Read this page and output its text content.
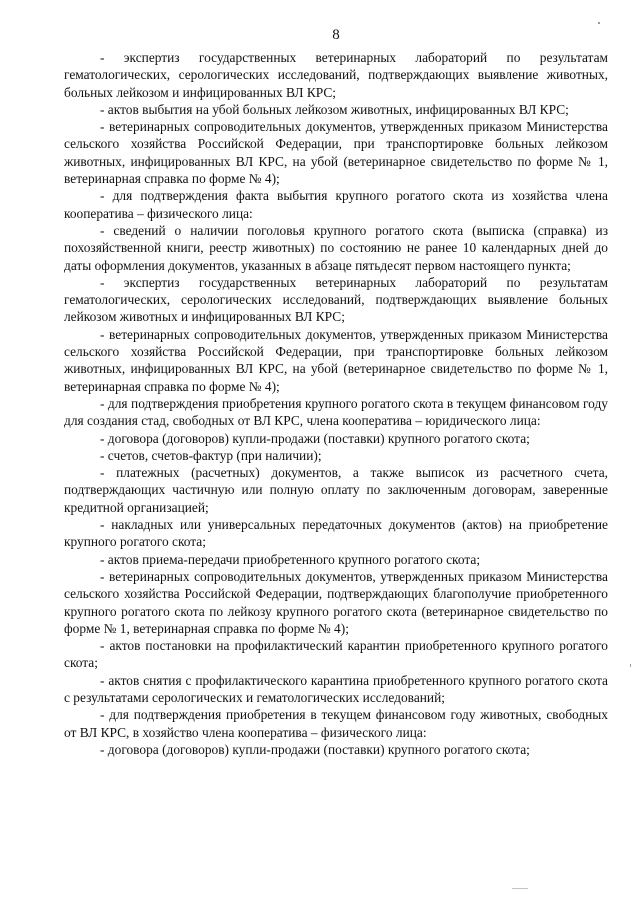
8

- экспертиз государственных ветеринарных лабораторий по результатам гематологических, серологических исследований, подтверждающих выявление животных, больных лейкозом и инфицированных ВЛ КРС;

- актов выбытия на убой больных лейкозом животных, инфицированных ВЛ КРС;

- ветеринарных сопроводительных документов, утвержденных приказом Министерства сельского хозяйства Российской Федерации, при транспортировке больных лейкозом животных, инфицированных ВЛ КРС, на убой (ветеринарное свидетельство по форме № 1, ветеринарная справка по форме № 4);

- для подтверждения факта выбытия крупного рогатого скота из хозяйства члена кооператива – физического лица:

- сведений о наличии поголовья крупного рогатого скота (выписка (справка) из похозяйственной книги, реестр животных) по состоянию не ранее 10 календарных дней до даты оформления документов, указанных в абзаце пятьдесят первом настоящего пункта;

- экспертиз государственных ветеринарных лабораторий по результатам гематологических, серологических исследований, подтверждающих выявление больных лейкозом животных и инфицированных ВЛ КРС;

- ветеринарных сопроводительных документов, утвержденных приказом Министерства сельского хозяйства Российской Федерации, при транспортировке больных лейкозом животных, инфицированных ВЛ КРС, на убой (ветеринарное свидетельство по форме № 1, ветеринарная справка по форме № 4);

- для подтверждения приобретения крупного рогатого скота в текущем финансовом году для создания стад, свободных от ВЛ КРС, члена кооператива – юридического лица:

- договора (договоров) купли-продажи (поставки) крупного рогатого скота;

- счетов, счетов-фактур (при наличии);

- платежных (расчетных) документов, а также выписок из расчетного счета, подтверждающих частичную или полную оплату по заключенным договорам, заверенные кредитной организацией;

- накладных или универсальных передаточных документов (актов) на приобретение крупного рогатого скота;

- актов приема-передачи приобретенного крупного рогатого скота;

- ветеринарных сопроводительных документов, утвержденных приказом Министерства сельского хозяйства Российской Федерации, подтверждающих благополучие приобретенного крупного рогатого скота по лейкозу крупного рогатого скота (ветеринарное свидетельство по форме № 1, ветеринарная справка по форме № 4);

- актов постановки на профилактический карантин приобретенного крупного рогатого скота;

- актов снятия с профилактического карантина приобретенного крупного рогатого скота с результатами серологических и гематологических исследований;

- для подтверждения приобретения в текущем финансовом году животных, свободных от ВЛ КРС, в хозяйство члена кооператива – физического лица:

- договора (договоров) купли-продажи (поставки) крупного рогатого скота;
